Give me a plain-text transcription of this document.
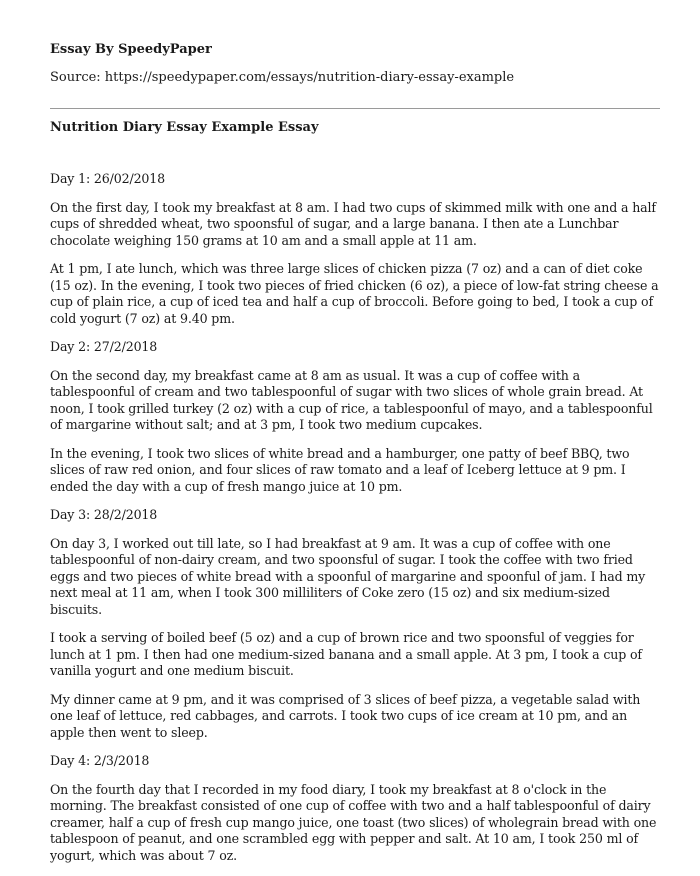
Essay By SpeedyPaper

Source: https://speedypaper.com/essays/nutrition-diary-essay-example

Nutrition Diary Essay Example Essay

Day 1: 26/02/2018

On the first day, I took my breakfast at 8 am. I had two cups of skimmed milk with one and a half cups of shredded wheat, two spoonsful of sugar, and a large banana. I then ate a Lunchbar chocolate weighing 150 grams at 10 am and a small apple at 11 am.

At 1 pm, I ate lunch, which was three large slices of chicken pizza (7 oz) and a can of diet coke (15 oz). In the evening, I took two pieces of fried chicken (6 oz), a piece of low-fat string cheese a cup of plain rice, a cup of iced tea and half a cup of broccoli. Before going to bed, I took a cup of cold yogurt (7 oz) at 9.40 pm.

Day 2: 27/2/2018

On the second day, my breakfast came at 8 am as usual. It was a cup of coffee with a tablespoonful of cream and two tablespoonful of sugar with two slices of whole grain bread. At noon, I took grilled turkey (2 oz) with a cup of rice, a tablespoonful of mayo, and a tablespoonful of margarine without salt; and at 3 pm, I took two medium cupcakes.

In the evening, I took two slices of white bread and a hamburger, one patty of beef BBQ, two slices of raw red onion, and four slices of raw tomato and a leaf of Iceberg lettuce at 9 pm. I ended the day with a cup of fresh mango juice at 10 pm.

Day 3: 28/2/2018

On day 3, I worked out till late, so I had breakfast at 9 am. It was a cup of coffee with one tablespoonful of non-dairy cream, and two spoonsful of sugar. I took the coffee with two fried eggs and two pieces of white bread with a spoonful of margarine and spoonful of jam. I had my next meal at 11 am, when I took 300 milliliters of Coke zero (15 oz) and six medium-sized biscuits.

I took a serving of boiled beef (5 oz) and a cup of brown rice and two spoonsful of veggies for lunch at 1 pm. I then had one medium-sized banana and a small apple. At 3 pm, I took a cup of vanilla yogurt and one medium biscuit.

My dinner came at 9 pm, and it was comprised of 3 slices of beef pizza, a vegetable salad with one leaf of lettuce, red cabbages, and carrots. I took two cups of ice cream at 10 pm, and an apple then went to sleep.

Day 4: 2/3/2018

On the fourth day that I recorded in my food diary, I took my breakfast at 8 o'clock in the morning. The breakfast consisted of one cup of coffee with two and a half tablespoonful of dairy creamer, half a cup of fresh cup mango juice, one toast (two slices) of wholegrain bread with one tablespoon of peanut, and one scrambled egg with pepper and salt. At 10 am, I took 250 ml of yogurt, which was about 7 oz.
